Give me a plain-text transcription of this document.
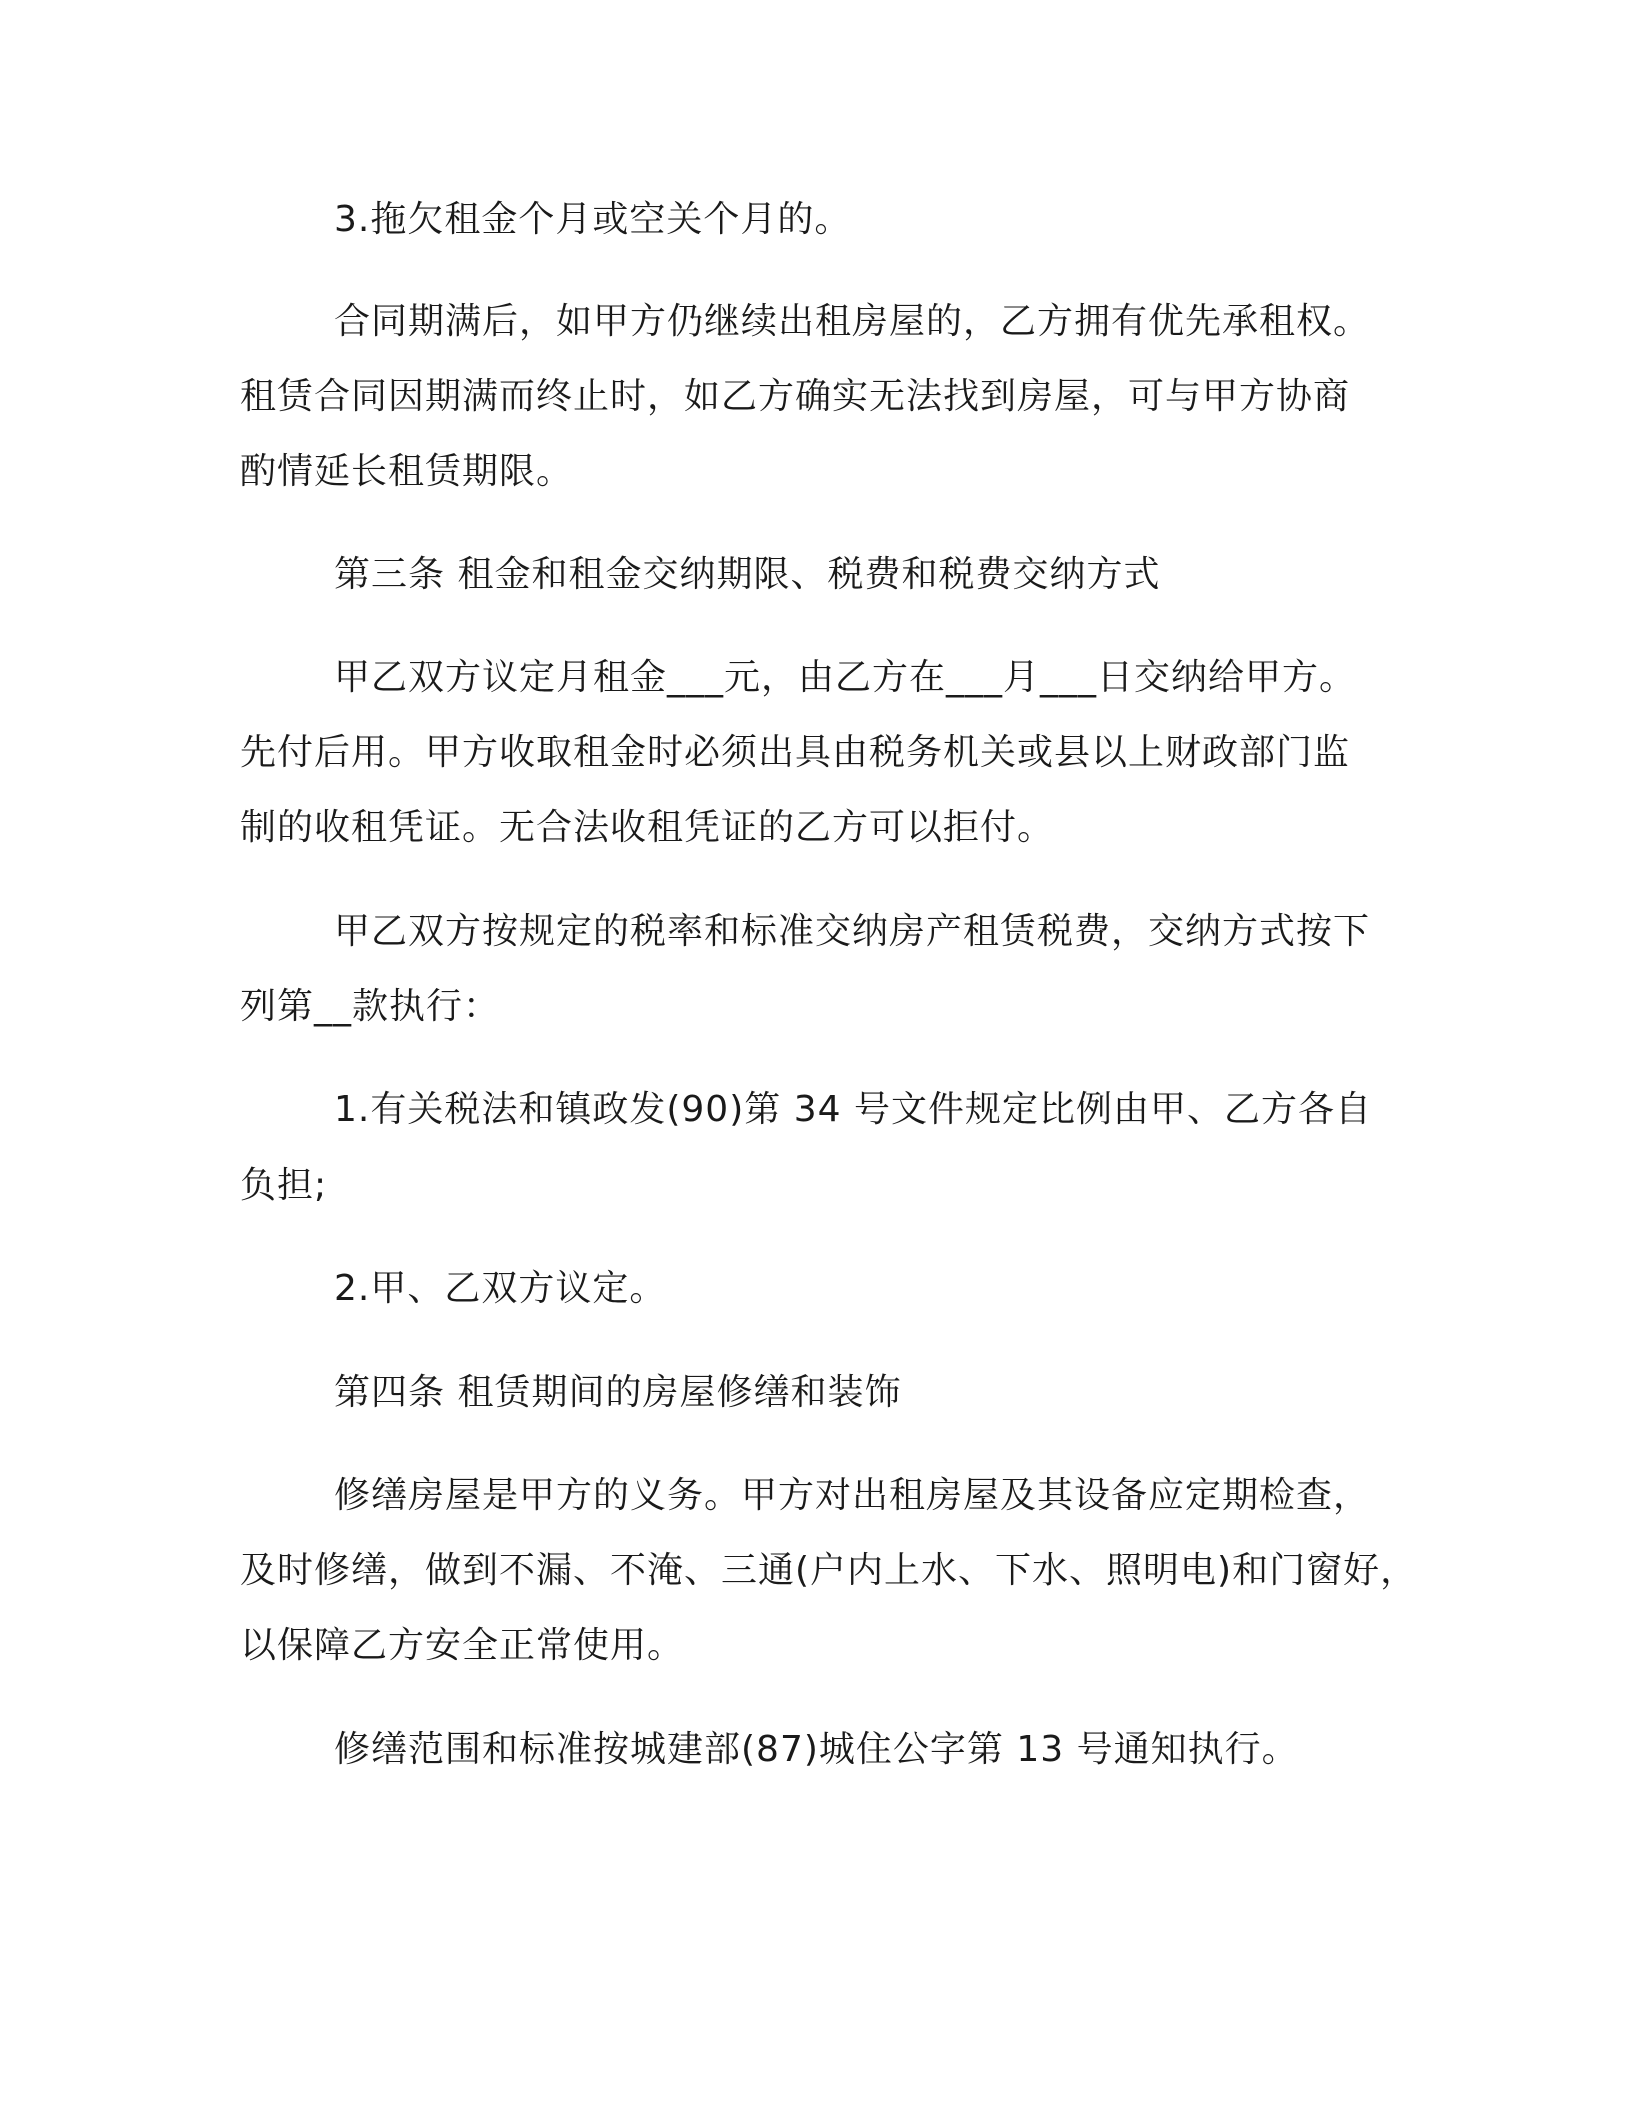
3.拖欠租金个月或空关个月的。
合同期满后，如甲方仍继续出租房屋的，乙方拥有优先承租权。
租赁合同因期满而终止时，如乙方确实无法找到房屋，可与甲方协商
酌情延长租赁期限。
第三条 租金和租金交纳期限、税费和税费交纳方式
甲乙双方议定月租金___元，由乙方在___月___日交纳给甲方。
先付后用。甲方收取租金时必须出具由税务机关或县以上财政部门监
制的收租凭证。无合法收租凭证的乙方可以拒付。
甲乙双方按规定的税率和标准交纳房产租赁税费，交纳方式按下
列第__款执行：
1.有关税法和镇政发(90)第 34 号文件规定比例由甲、乙方各自
负担;
2.甲、乙双方议定。
第四条 租赁期间的房屋修缮和装饰
修缮房屋是甲方的义务。甲方对出租房屋及其设备应定期检查，
及时修缮，做到不漏、不淹、三通(户内上水、下水、照明电)和门窗好，
以保障乙方安全正常使用。
修缮范围和标准按城建部(87)城住公字第 13 号通知执行。
